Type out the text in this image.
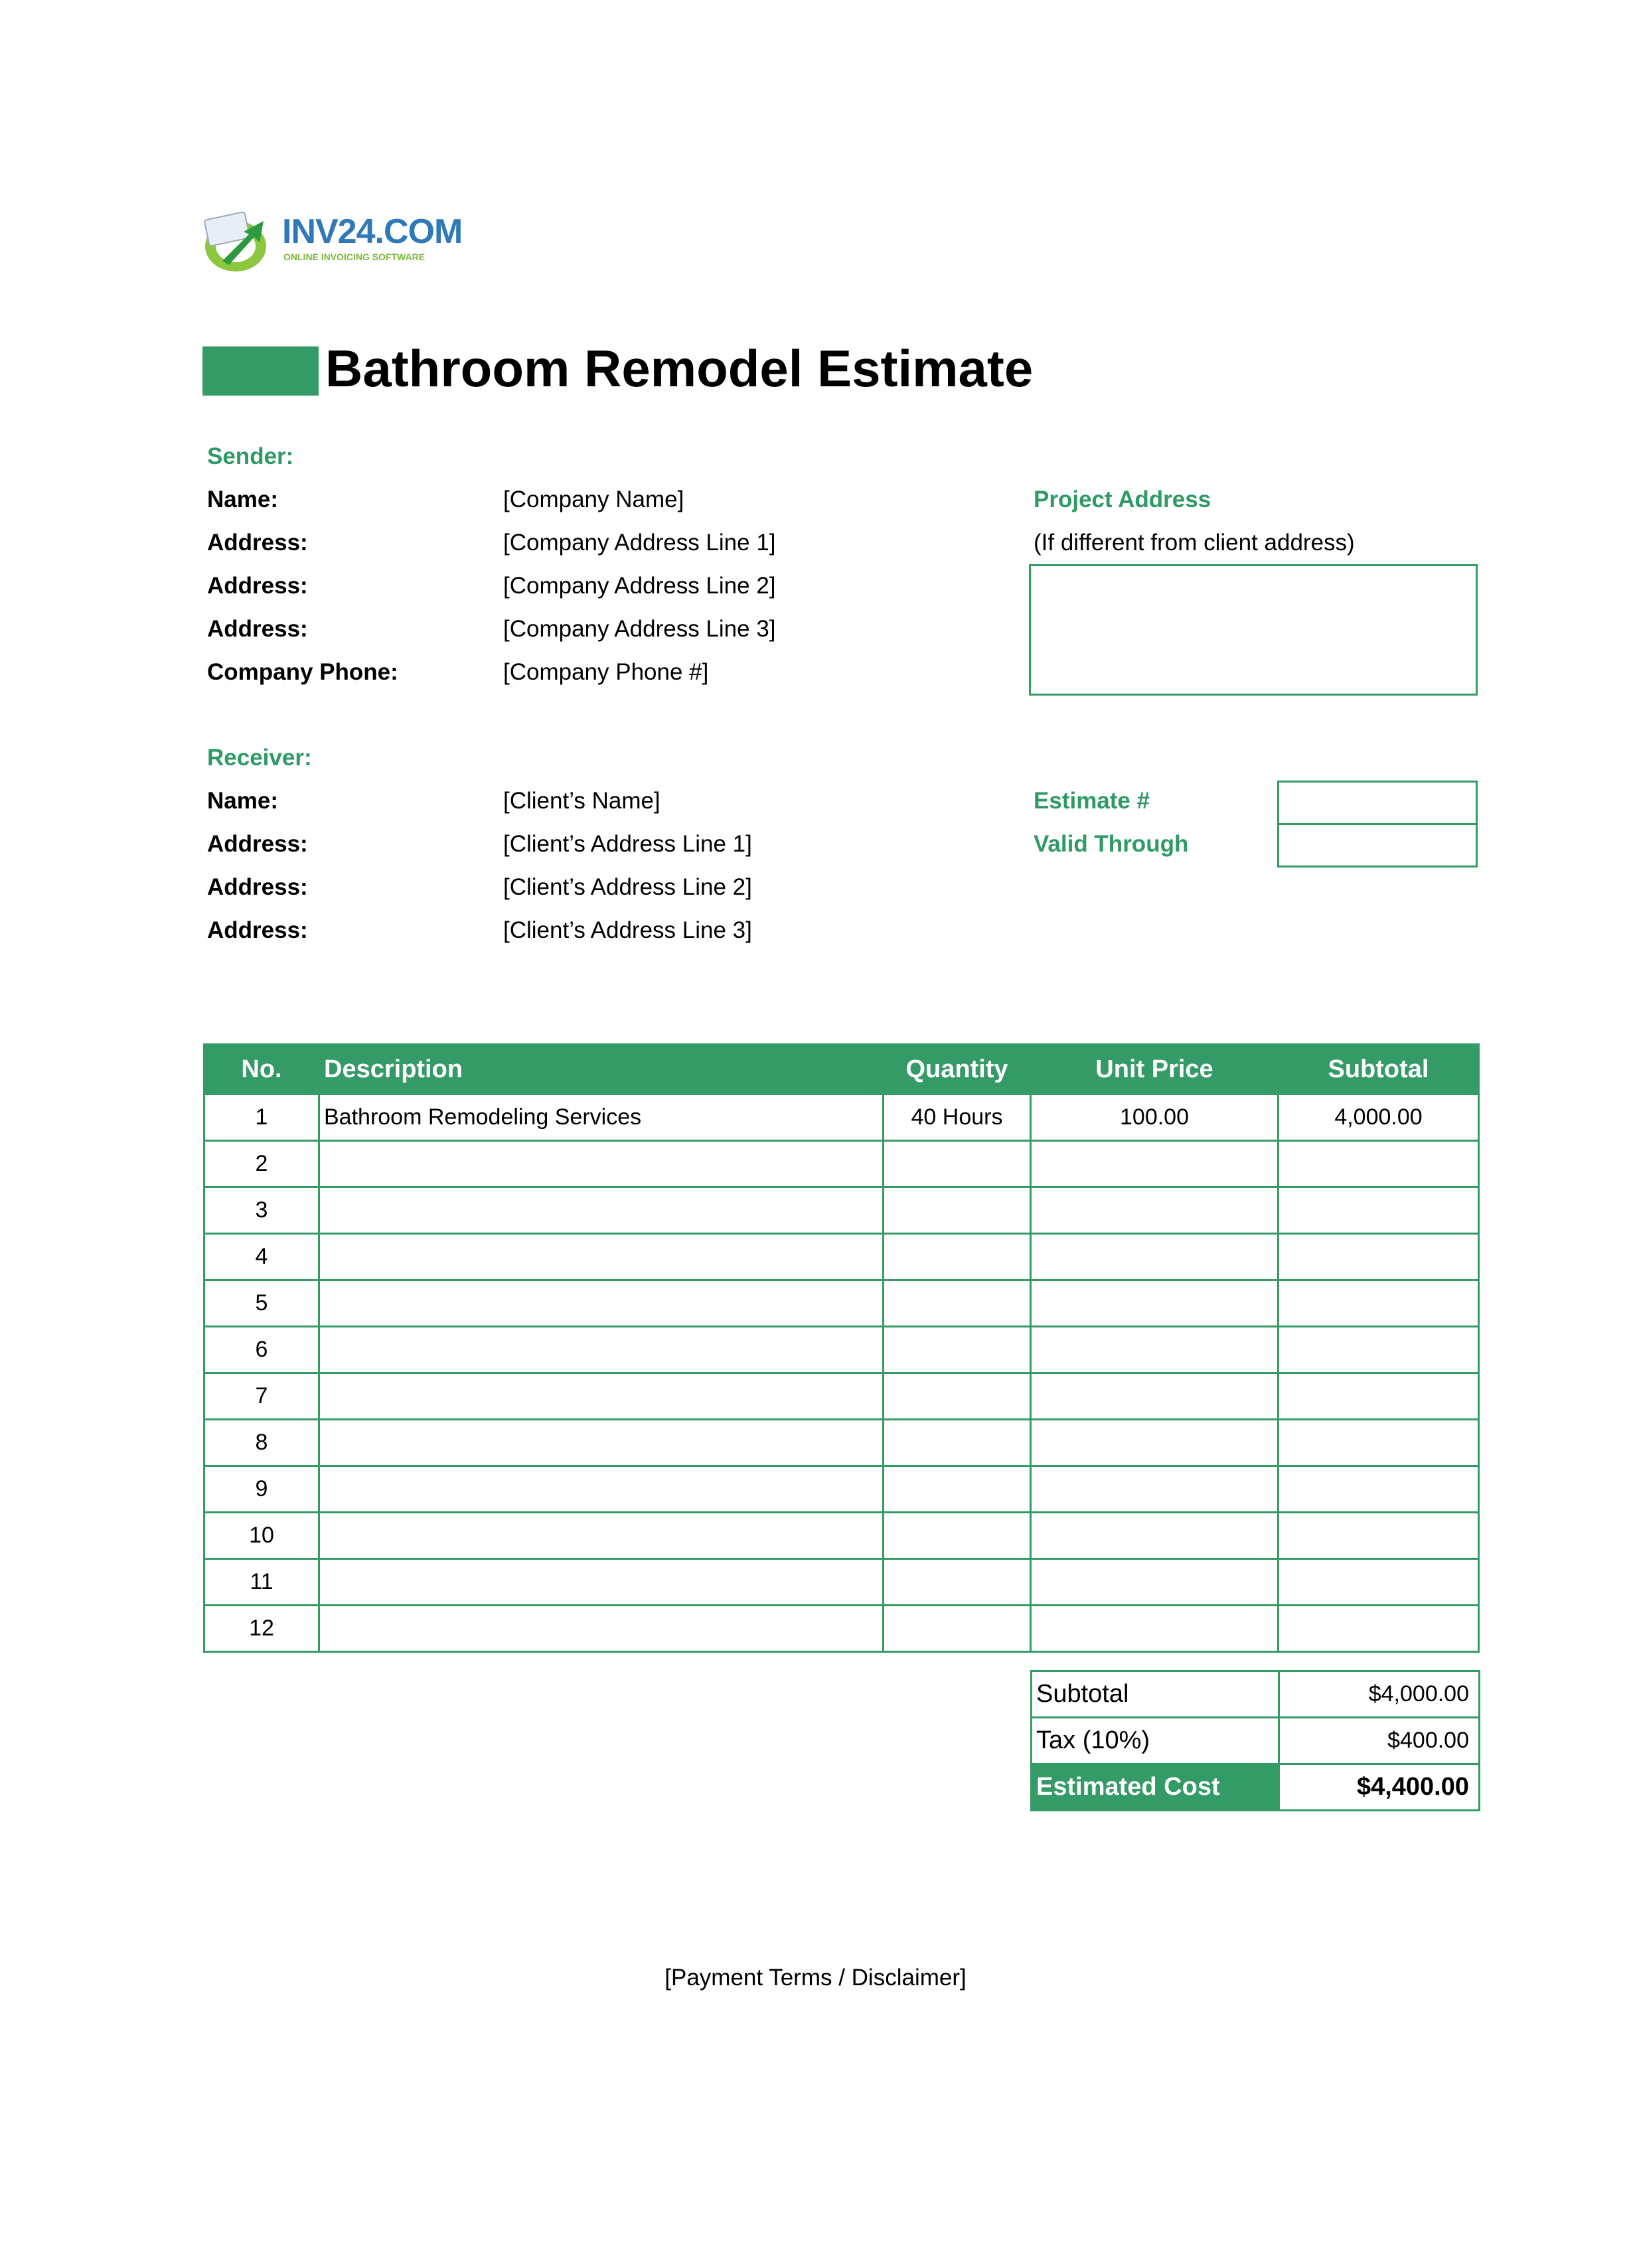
INV24.COM
ONLINE INVOICING SOFTWARE
Bathroom Remodel Estimate
Sender:
Name:	[Company Name]
Address:	[Company Address Line 1]
Address:	[Company Address Line 2]
Address:	[Company Address Line 3]
Company Phone:	[Company Phone #]
Project Address
(If different from client address)
Receiver:
Name:	[Client’s Name]
Address:	[Client’s Address Line 1]
Address:	[Client’s Address Line 2]
Address:	[Client’s Address Line 3]
Estimate #
Valid Through
No.	Description	Quantity	Unit Price	Subtotal
1	Bathroom Remodeling Services	40 Hours	100.00	4,000.00
2				
3				
4				
5				
6				
7				
8				
9				
10				
11				
12				
Subtotal	$4,000.00
Tax (10%)	$400.00
Estimated Cost	$4,400.00
[Payment Terms / Disclaimer]
